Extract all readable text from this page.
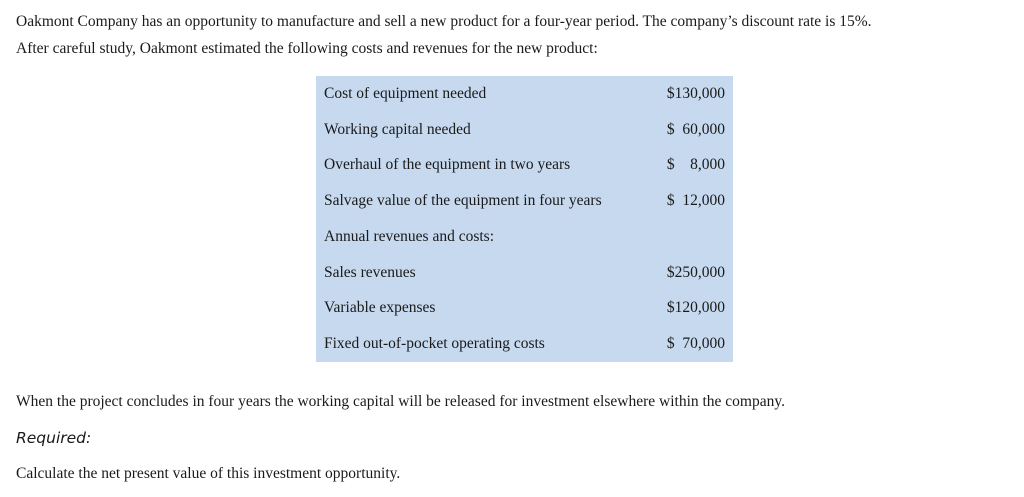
Oakmont Company has an opportunity to manufacture and sell a new product for a four-year period. The company’s discount rate is 15%.
After careful study, Oakmont estimated the following costs and revenues for the new product:

Cost of equipment needed	$130,000
Working capital needed	$  60,000
Overhaul of the equipment in two years	$    8,000
Salvage value of the equipment in four years	$  12,000
Annual revenues and costs:	
Sales revenues	$250,000
Variable expenses	$120,000
Fixed out-of-pocket operating costs	$  70,000

When the project concludes in four years the working capital will be released for investment elsewhere within the company.

Required:

Calculate the net present value of this investment opportunity.
